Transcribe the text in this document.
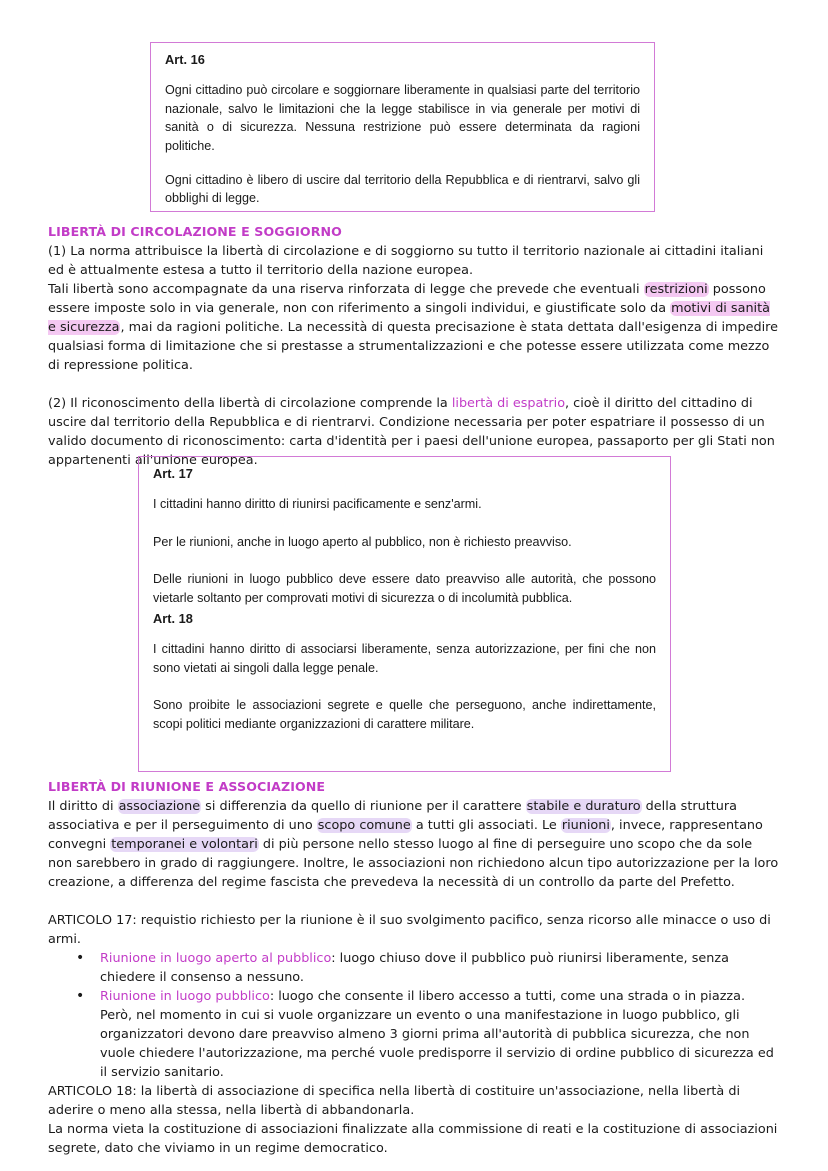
Art. 16

Ogni cittadino può circolare e soggiornare liberamente in qualsiasi parte del territorio nazionale, salvo le limitazioni che la legge stabilisce in via generale per motivi di sanità o di sicurezza. Nessuna restrizione può essere determinata da ragioni politiche.

Ogni cittadino è libero di uscire dal territorio della Repubblica e di rientrarvi, salvo gli obblighi di legge.

LIBERTÀ DI CIRCOLAZIONE E SOGGIORNO

(1) La norma attribuisce la libertà di circolazione e di soggiorno su tutto il territorio nazionale ai cittadini italiani ed è attualmente estesa a tutto il territorio della nazione europea.

Tali libertà sono accompagnate da una riserva rinforzata di legge che prevede che eventuali restrizioni possono essere imposte solo in via generale, non con riferimento a singoli individui, e giustificate solo da motivi di sanità e sicurezza, mai da ragioni politiche. La necessità di questa precisazione è stata dettata dall'esigenza di impedire qualsiasi forma di limitazione che si prestasse a strumentalizzazioni e che potesse essere utilizzata come mezzo di repressione politica.

(2) Il riconoscimento della libertà di circolazione comprende la libertà di espatrio, cioè il diritto del cittadino di uscire dal territorio della Repubblica e di rientrarvi. Condizione necessaria per poter espatriare il possesso di un valido documento di riconoscimento: carta d'identità per i paesi dell'unione europea, passaporto per gli Stati non appartenenti all'unione europea.

Art. 17

I cittadini hanno diritto di riunirsi pacificamente e senz'armi.

Per le riunioni, anche in luogo aperto al pubblico, non è richiesto preavviso.

Delle riunioni in luogo pubblico deve essere dato preavviso alle autorità, che possono vietarle soltanto per comprovati motivi di sicurezza o di incolumità pubblica.

Art. 18

I cittadini hanno diritto di associarsi liberamente, senza autorizzazione, per fini che non sono vietati ai singoli dalla legge penale.

Sono proibite le associazioni segrete e quelle che perseguono, anche indirettamente, scopi politici mediante organizzazioni di carattere militare.

LIBERTÀ DI RIUNIONE E ASSOCIAZIONE

Il diritto di associazione si differenzia da quello di riunione per il carattere stabile e duraturo della struttura associativa e per il perseguimento di uno scopo comune a tutti gli associati. Le riunioni, invece, rappresentano convegni temporanei e volontari di più persone nello stesso luogo al fine di perseguire uno scopo che da sole non sarebbero in grado di raggiungere. Inoltre, le associazioni non richiedono alcun tipo autorizzazione per la loro creazione, a differenza del regime fascista che prevedeva la necessità di un controllo da parte del Prefetto.

ARTICOLO 17: requistio richiesto per la riunione è il suo svolgimento pacifico, senza ricorso alle minacce o uso di armi.

• Riunione in luogo aperto al pubblico: luogo chiuso dove il pubblico può riunirsi liberamente, senza chiedere il consenso a nessuno.
• Riunione in luogo pubblico: luogo che consente il libero accesso a tutti, come una strada o in piazza. Però, nel momento in cui si vuole organizzare un evento o una manifestazione in luogo pubblico, gli organizzatori devono dare preavviso almeno 3 giorni prima all'autorità di pubblica sicurezza, che non vuole chiedere l'autorizzazione, ma perché vuole predisporre il servizio di ordine pubblico di sicurezza ed il servizio sanitario.

ARTICOLO 18: la libertà di associazione di specifica nella libertà di costituire un'associazione, nella libertà di aderire o meno alla stessa, nella libertà di abbandonarla.

La norma vieta la costituzione di associazioni finalizzate alla commissione di reati e la costituzione di associazioni segrete, dato che viviamo in un regime democratico.
